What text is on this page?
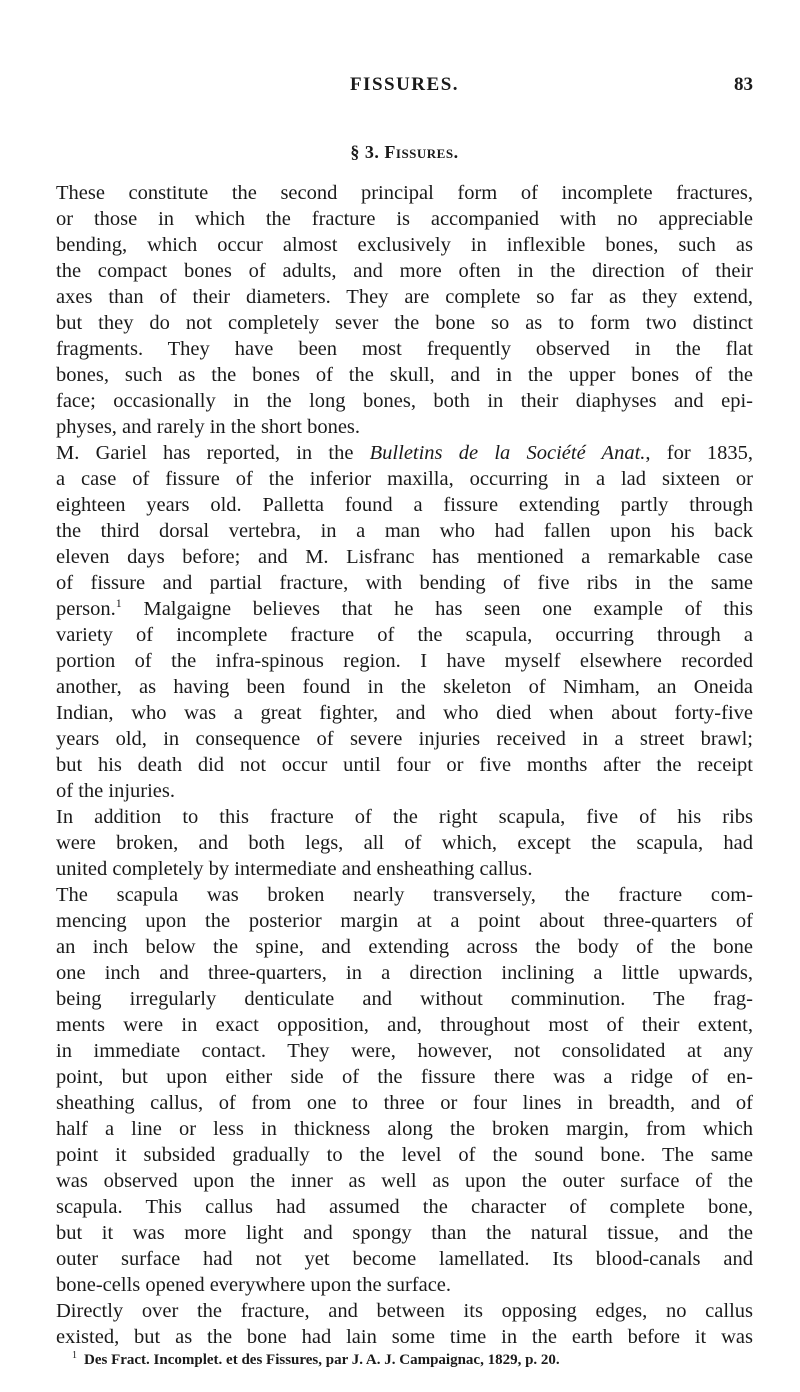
FISSURES.	83
§ 3. Fissures.

These constitute the second principal form of incomplete fractures,

or those in which the fracture is accompanied with no appreciable

bending, which occur almost exclusively in inflexible bones, such as

the compact bones of adults, and more often in the direction of their

axes than of their diameters. They are complete so far as they extend,

but they do not completely sever the bone so as to form two distinct

fragments. They have been most frequently observed in the flat

bones, such as the bones of the skull, and in the upper bones of the

face; occasionally in the long bones, both in their diaphyses and epi-

physes, and rarely in the short bones.

M. Gariel has reported, in the Bulletins de la Société Anat., for 1835,

a case of fissure of the inferior maxilla, occurring in a lad sixteen or

eighteen years old. Palletta found a fissure extending partly through

the third dorsal vertebra, in a man who had fallen upon his back

eleven days before; and M. Lisfranc has mentioned a remarkable case

of fissure and partial fracture, with bending of five ribs in the same

person.$^1$ Malgaigne believes that he has seen one example of this

variety of incomplete fracture of the scapula, occurring through a

portion of the infra-spinous region. I have myself elsewhere recorded

another, as having been found in the skeleton of Nimham, an Oneida

Indian, who was a great fighter, and who died when about forty-five

years old, in consequence of severe injuries received in a street brawl;

but his death did not occur until four or five months after the receipt

of the injuries.

In addition to this fracture of the right scapula, five of his ribs

were broken, and both legs, all of which, except the scapula, had

united completely by intermediate and ensheathing callus.

The scapula was broken nearly transversely, the fracture com-

mencing upon the posterior margin at a point about three-quarters of

an inch below the spine, and extending across the body of the bone

one inch and three-quarters, in a direction inclining a little upwards,

being irregularly denticulate and without comminution. The frag-

ments were in exact opposition, and, throughout most of their extent,

in immediate contact. They were, however, not consolidated at any

point, but upon either side of the fissure there was a ridge of en-

sheathing callus, of from one to three or four lines in breadth, and of

half a line or less in thickness along the broken margin, from which

point it subsided gradually to the level of the sound bone. The same

was observed upon the inner as well as upon the outer surface of the

scapula. This callus had assumed the character of complete bone,

but it was more light and spongy than the natural tissue, and the

outer surface had not yet become lamellated. Its blood-canals and

bone-cells opened everywhere upon the surface.

Directly over the fracture, and between its opposing edges, no callus

existed, but as the bone had lain some time in the earth before it was

1 Des Fract. Incomplet. et des Fissures, par J. A. J. Campaignac, 1829, p. 20.
